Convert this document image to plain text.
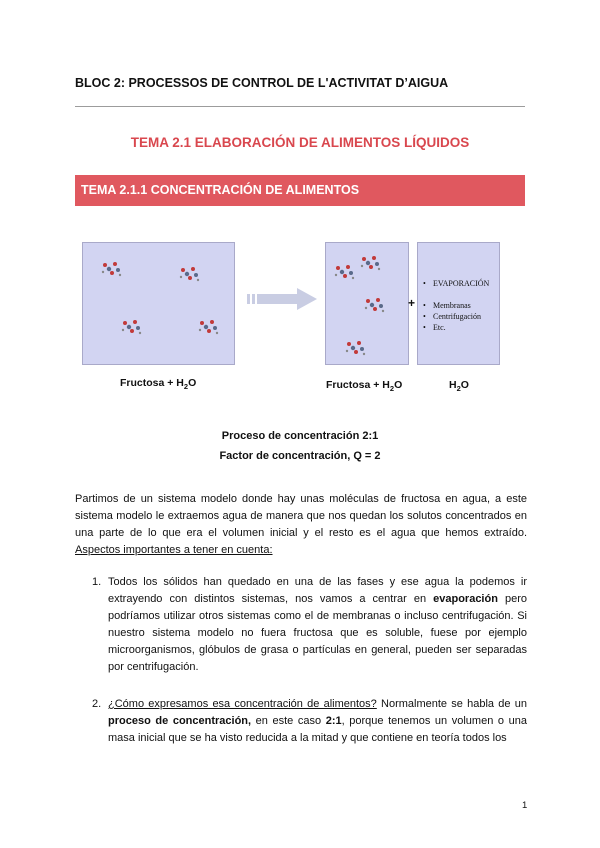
BLOC 2: PROCESSOS DE CONTROL DE L'ACTIVITAT D’AIGUA
TEMA 2.1 ELABORACIÓN DE ALIMENTOS LÍQUIDOS
TEMA 2.1.1 CONCENTRACIÓN DE ALIMENTOS
+
• EVAPORACIÓN
• Membranas
• Centrifugación
• Etc.
Fructosa + $H_2O$	Fructosa + $H_2O$	$H_2O$
Proceso de concentración 2:1
Factor de concentración, Q = 2
Partimos de un sistema modelo donde hay unas moléculas de fructosa en agua, a este sistema modelo le extraemos agua de manera que nos quedan los solutos concentrados en una parte de lo que era el volumen inicial y el resto es el agua que hemos extraído. Aspectos importantes a tener en cuenta:
1. Todos los sólidos han quedado en una de las fases y ese agua la podemos ir extrayendo con distintos sistemas, nos vamos a centrar en evaporación pero podríamos utilizar otros sistemas como el de membranas o incluso centrifugación. Si nuestro sistema modelo no fuera fructosa que es soluble, fuese por ejemplo microorganismos, glóbulos de grasa o partículas en general, pueden ser separadas por centrifugación.
2. ¿Cómo expresamos esa concentración de alimentos? Normalmente se habla de un proceso de concentración, en este caso 2:1, porque tenemos un volumen o una masa inicial que se ha visto reducida a la mitad y que contiene en teoría todos los
1
